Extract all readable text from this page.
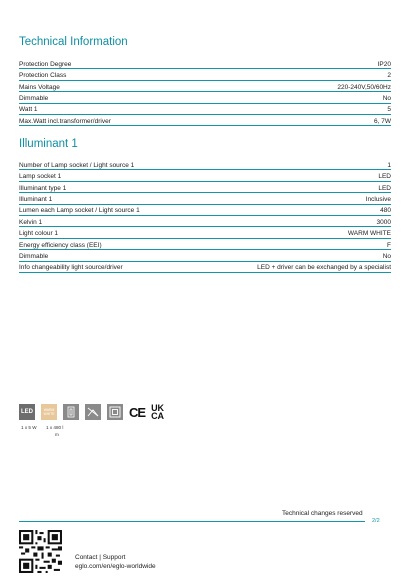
Technical Information
Protection Degree	IP20
Protection Class	2
Mains Voltage	220-240V,50/60Hz
Dimmable	No
Watt 1	5
Max.Watt incl.transformer/driver	6, 7W
Illuminant 1
Number of Lamp socket / Light source 1	1
Lamp socket 1	LED
Illuminant type 1	LED
Illuminant 1	Inclusive
Lumen each Lamp socket / Light source 1	480
Kelvin 1	3000
Light colour 1	WARM WHITE
Energy efficiency class (EEI)	F
Dimmable	No
Info changeability light source/driver	LED + driver can be exchanged by a specialist
LED	WARM
WHITE	CE UK
CA
1 x 5 W 1 x 480 l
m
Technical changes reserved
2/2
Contact | Support
eglo.com/en/eglo-worldwide
